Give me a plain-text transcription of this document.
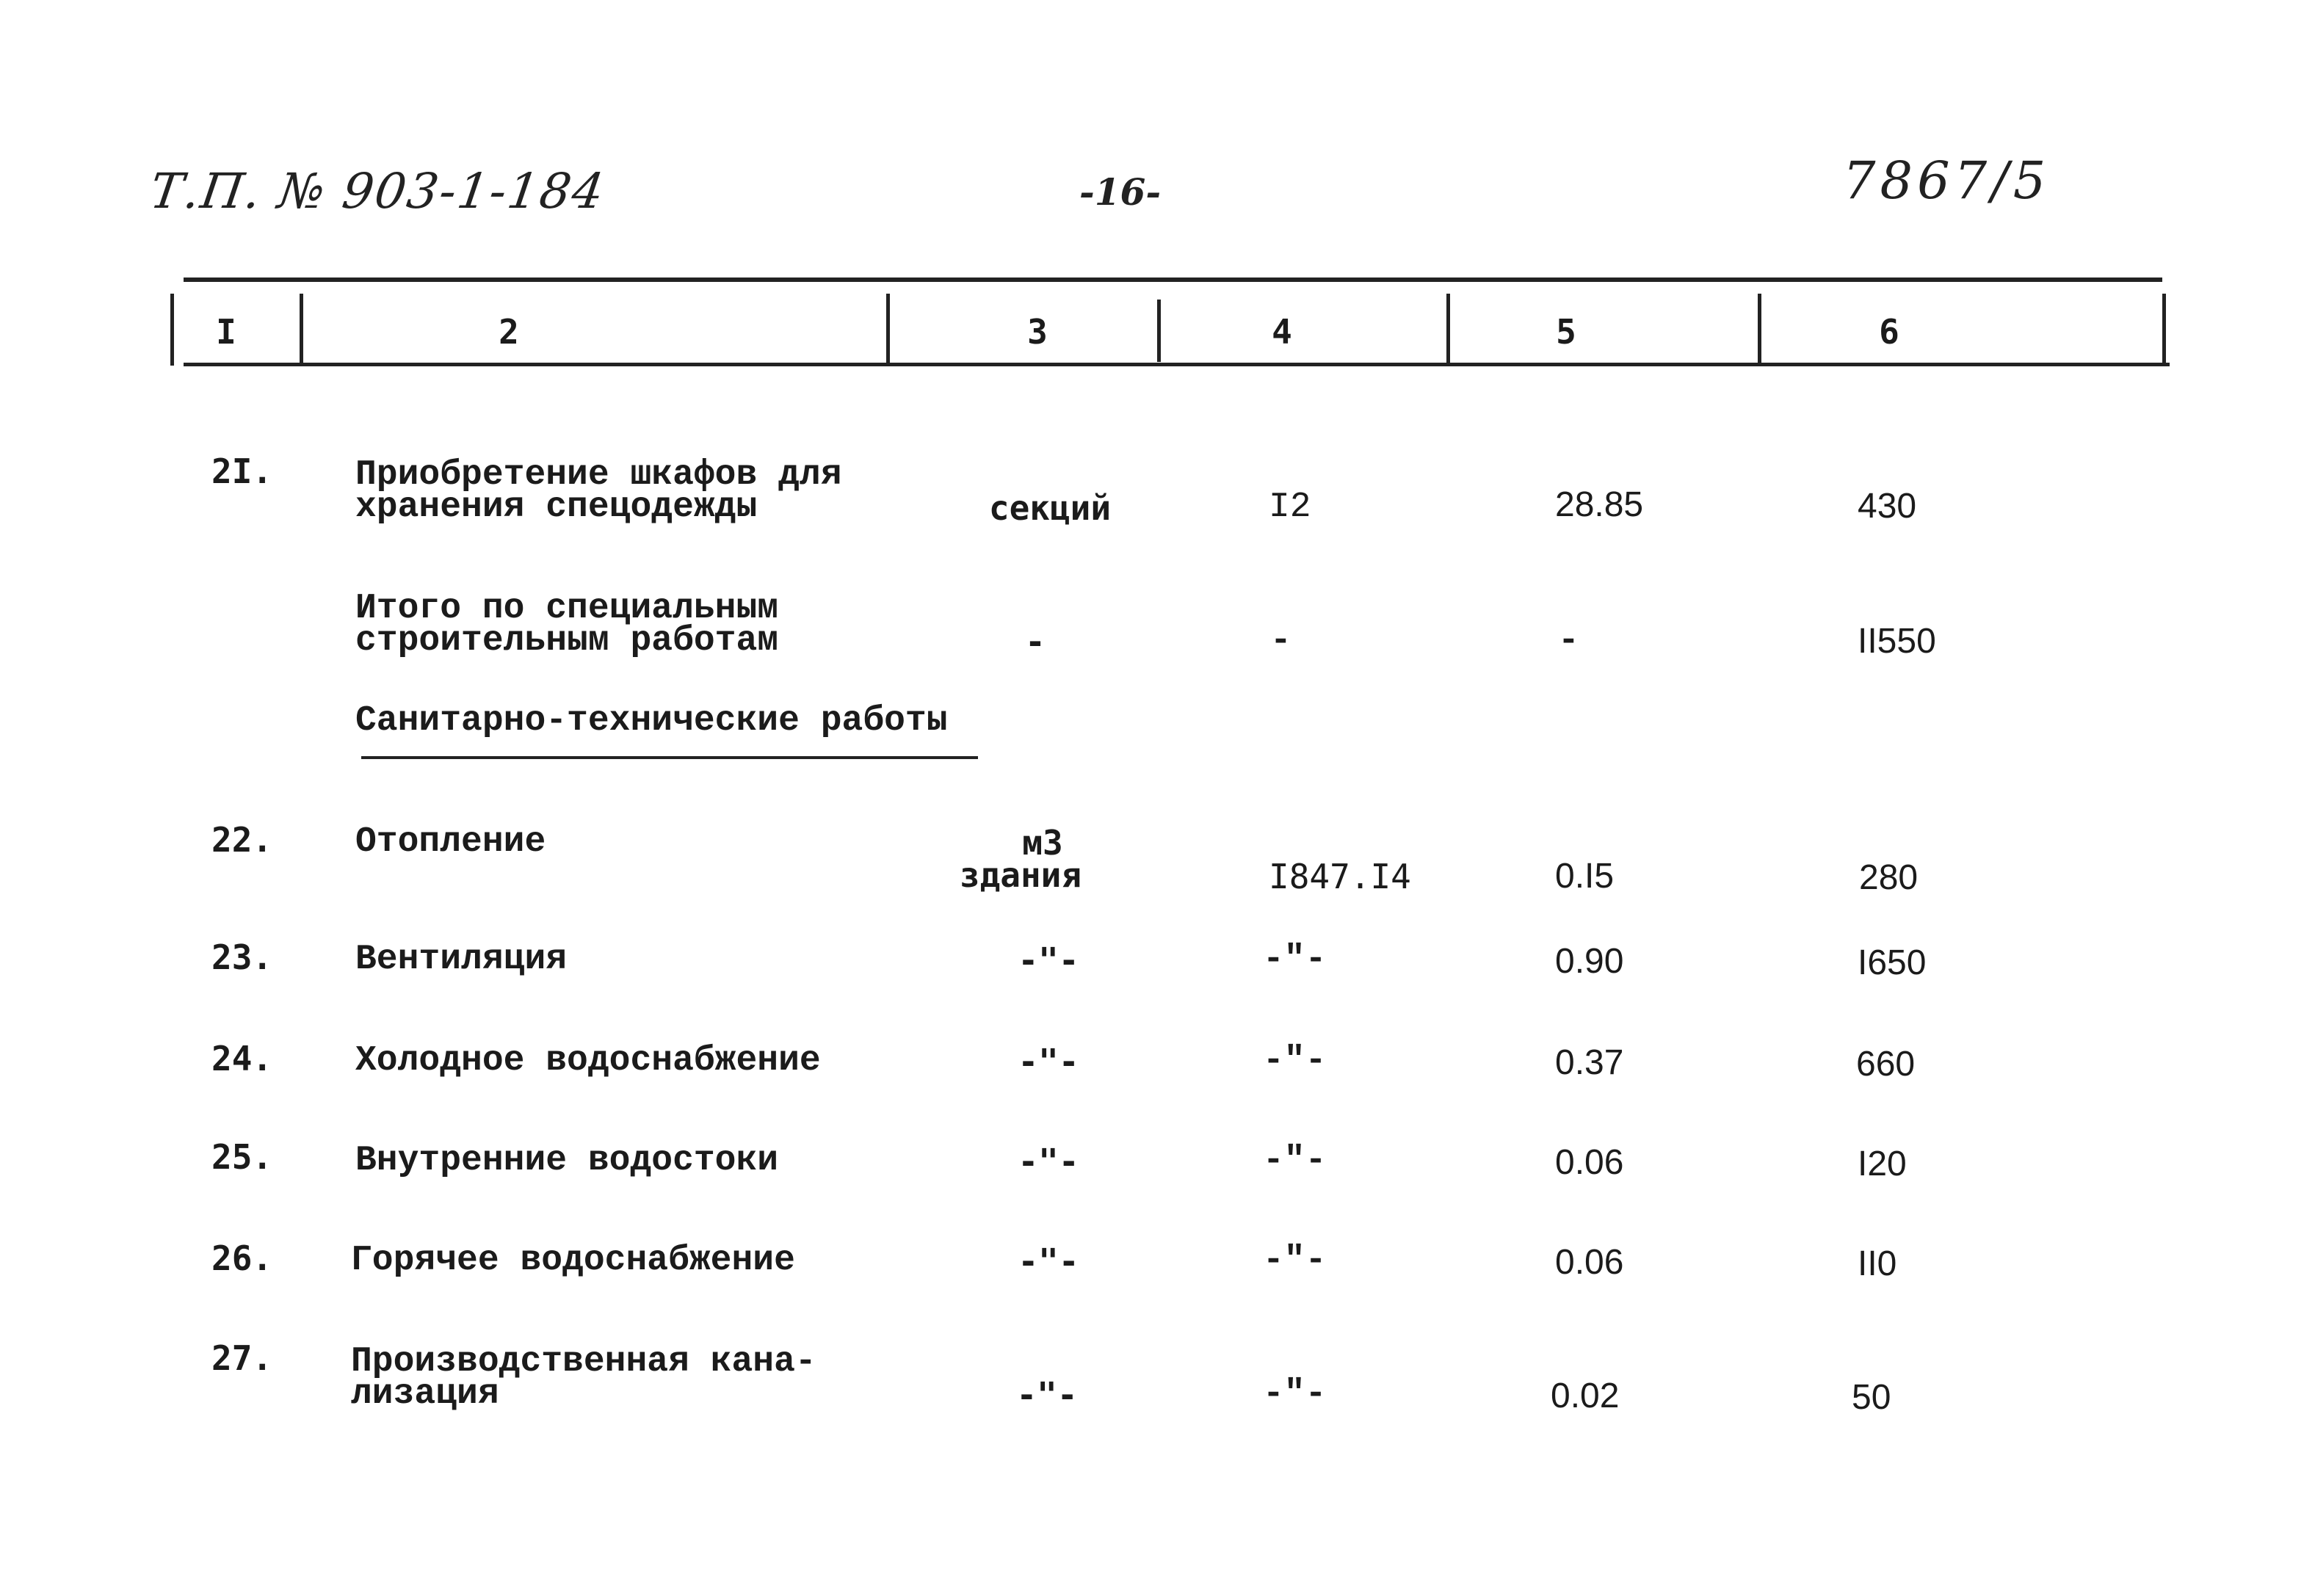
Т.П. № 903-1-184	-16-	7867/5
I	2	3	4	5	6
2I. Приобретение шкафов для
хранения спецодежды	секций	I2	28.85	430
Итого по специальным
строительным работам	-	-	-	II550
Санитарно-технические работы
22. Отопление	м3
здания	I847.I4	0.I5	280
23. Вентиляция	-"-	-"-	0.90	I650
24. Холодное водоснабжение	-"-	-"-	0.37	660
25. Внутренние водостоки	-"-	-"-	0.06	I20
26. Горячее водоснабжение	-"-	-"-	0.06	II0
27. Производственная кана-
лизация	-"-	-"-	0.02	50
